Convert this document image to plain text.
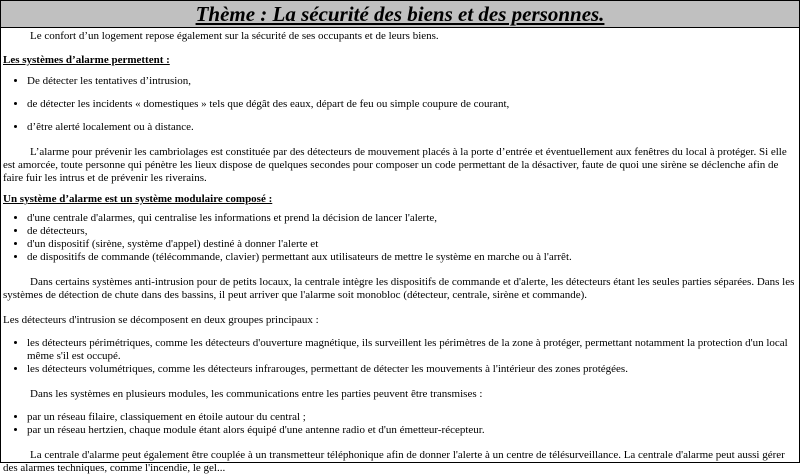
Thème : La sécurité des biens et des personnes.

Le confort d’un logement repose également sur la sécurité de ses occupants et de leurs biens.

Les systèmes d’alarme permettent :

• De détecter les tentatives d’intrusion,
• de détecter les incidents « domestiques » tels que dégât des eaux, départ de feu ou simple coupure de courant,
• d’être alerté localement ou à distance.

L’alarme pour prévenir les cambriolages est constituée par des détecteurs de mouvement placés à la porte d’entrée et éventuellement aux fenêtres du local à protéger. Si elle est amorcée, toute personne qui pénètre les lieux dispose de quelques secondes pour composer un code permettant de la désactiver, faute de quoi une sirène se déclenche afin de faire fuir les intrus et de prévenir les riverains.

Un système d’alarme est un système modulaire composé :

• d'une centrale d'alarmes, qui centralise les informations et prend la décision de lancer l'alerte,
• de détecteurs,
• d'un dispositif (sirène, système d'appel) destiné à donner l'alerte et
• de dispositifs de commande (télécommande, clavier) permettant aux utilisateurs de mettre le système en marche ou à l'arrêt.

Dans certains systèmes anti-intrusion pour de petits locaux, la centrale intègre les dispositifs de commande et d'alerte, les détecteurs étant les seules parties séparées. Dans les systèmes de détection de chute dans des bassins, il peut arriver que l'alarme soit monobloc (détecteur, centrale, sirène et commande).

Les détecteurs d'intrusion se décomposent en deux groupes principaux :

• les détecteurs périmétriques, comme les détecteurs d'ouverture magnétique, ils surveillent les périmètres de la zone à protéger, permettant notamment la protection d'un local même s'il est occupé.
• les détecteurs volumétriques, comme les détecteurs infrarouges, permettant de détecter les mouvements à l'intérieur des zones protégées.

Dans les systèmes en plusieurs modules, les communications entre les parties peuvent être transmises :

• par un réseau filaire, classiquement en étoile autour du central ;
• par un réseau hertzien, chaque module étant alors équipé d'une antenne radio et d'un émetteur-récepteur.

La centrale d'alarme peut également être couplée à un transmetteur téléphonique afin de donner l'alerte à un centre de télésurveillance. La centrale d'alarme peut aussi gérer des alarmes techniques, comme l'incendie, le gel...
